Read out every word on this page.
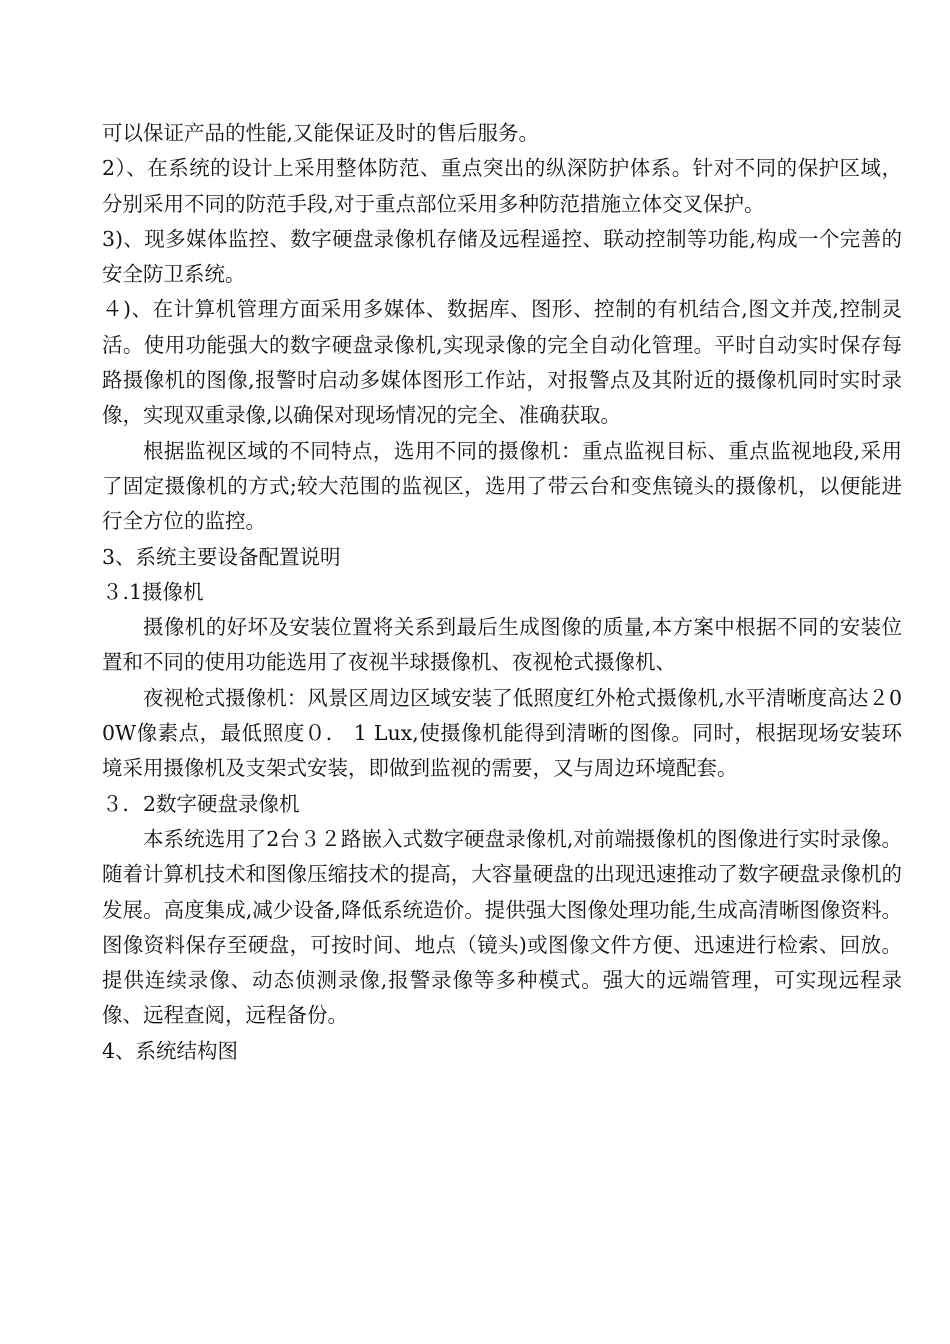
可以保证产品的性能,又能保证及时的售后服务。

2）、在系统的设计上采用整体防范、重点突出的纵深防护体系。针对不同的保护区域，分别采用不同的防范手段,对于重点部位采用多种防范措施立体交叉保护。

3)、现多媒体监控、数字硬盘录像机存储及远程遥控、联动控制等功能,构成一个完善的安全防卫系统。

４)、在计算机管理方面采用多媒体、数据库、图形、控制的有机结合,图文并茂,控制灵活。使用功能强大的数字硬盘录像机,实现录像的完全自动化管理。平时自动实时保存每路摄像机的图像,报警时启动多媒体图形工作站，对报警点及其附近的摄像机同时实时录像，实现双重录像,以确保对现场情况的完全、准确获取。

根据监视区域的不同特点，选用不同的摄像机：重点监视目标、重点监视地段,采用了固定摄像机的方式;较大范围的监视区，选用了带云台和变焦镜头的摄像机，以便能进行全方位的监控。

3、系统主要设备配置说明

３.1摄像机

摄像机的好坏及安装位置将关系到最后生成图像的质量,本方案中根据不同的安装位置和不同的使用功能选用了夜视半球摄像机、夜视枪式摄像机、

夜视枪式摄像机：风景区周边区域安装了低照度红外枪式摄像机,水平清晰度高达２00W像素点，最低照度０． 1 Lux,使摄像机能得到清晰的图像。同时，根据现场安装环境采用摄像机及支架式安装，即做到监视的需要，又与周边环境配套。

３．2数字硬盘录像机

本系统选用了2台３２路嵌入式数字硬盘录像机,对前端摄像机的图像进行实时录像。随着计算机技术和图像压缩技术的提高，大容量硬盘的出现迅速推动了数字硬盘录像机的发展。高度集成,减少设备,降低系统造价。提供强大图像处理功能,生成高清晰图像资料。图像资料保存至硬盘，可按时间、地点（镜头)或图像文件方便、迅速进行检索、回放。提供连续录像、动态侦测录像,报警录像等多种模式。强大的远端管理，可实现远程录像、远程查阅，远程备份。

4、系统结构图
